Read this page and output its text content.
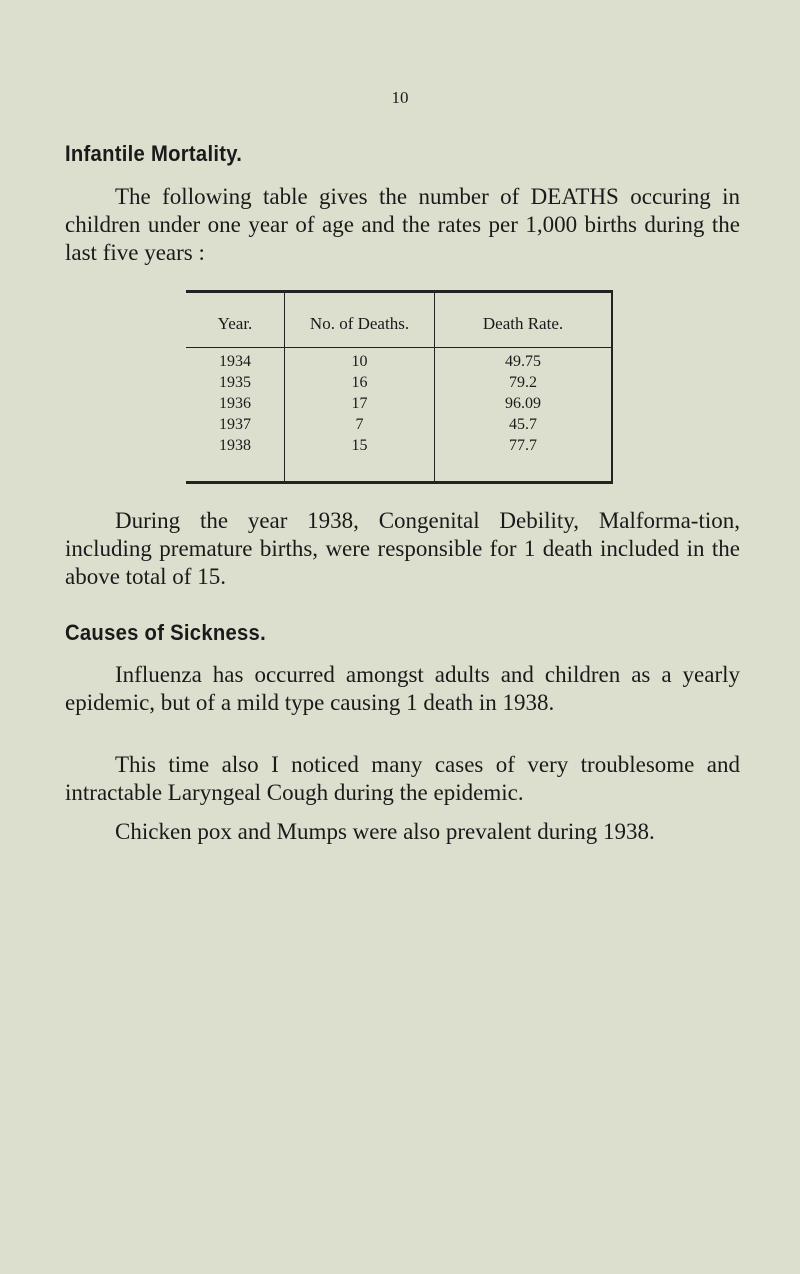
10
Infantile Mortality.
The following table gives the number of DEATHS occuring in children under one year of age and the rates per 1,000 births during the last five years :
Year.	No. of Deaths.	Death Rate.
1934	10	49.75
1935	16	79.2
1936	17	96.09
1937	7	45.7
1938	15	77.7
During the year 1938, Congenital Debility, Malforma-tion, including premature births, were responsible for 1 death included in the above total of 15.
Causes of Sickness.
Influenza has occurred amongst adults and children as a yearly epidemic, but of a mild type causing 1 death in 1938.
This time also I noticed many cases of very troublesome and intractable Laryngeal Cough during the epidemic.
Chicken pox and Mumps were also prevalent during 1938.
